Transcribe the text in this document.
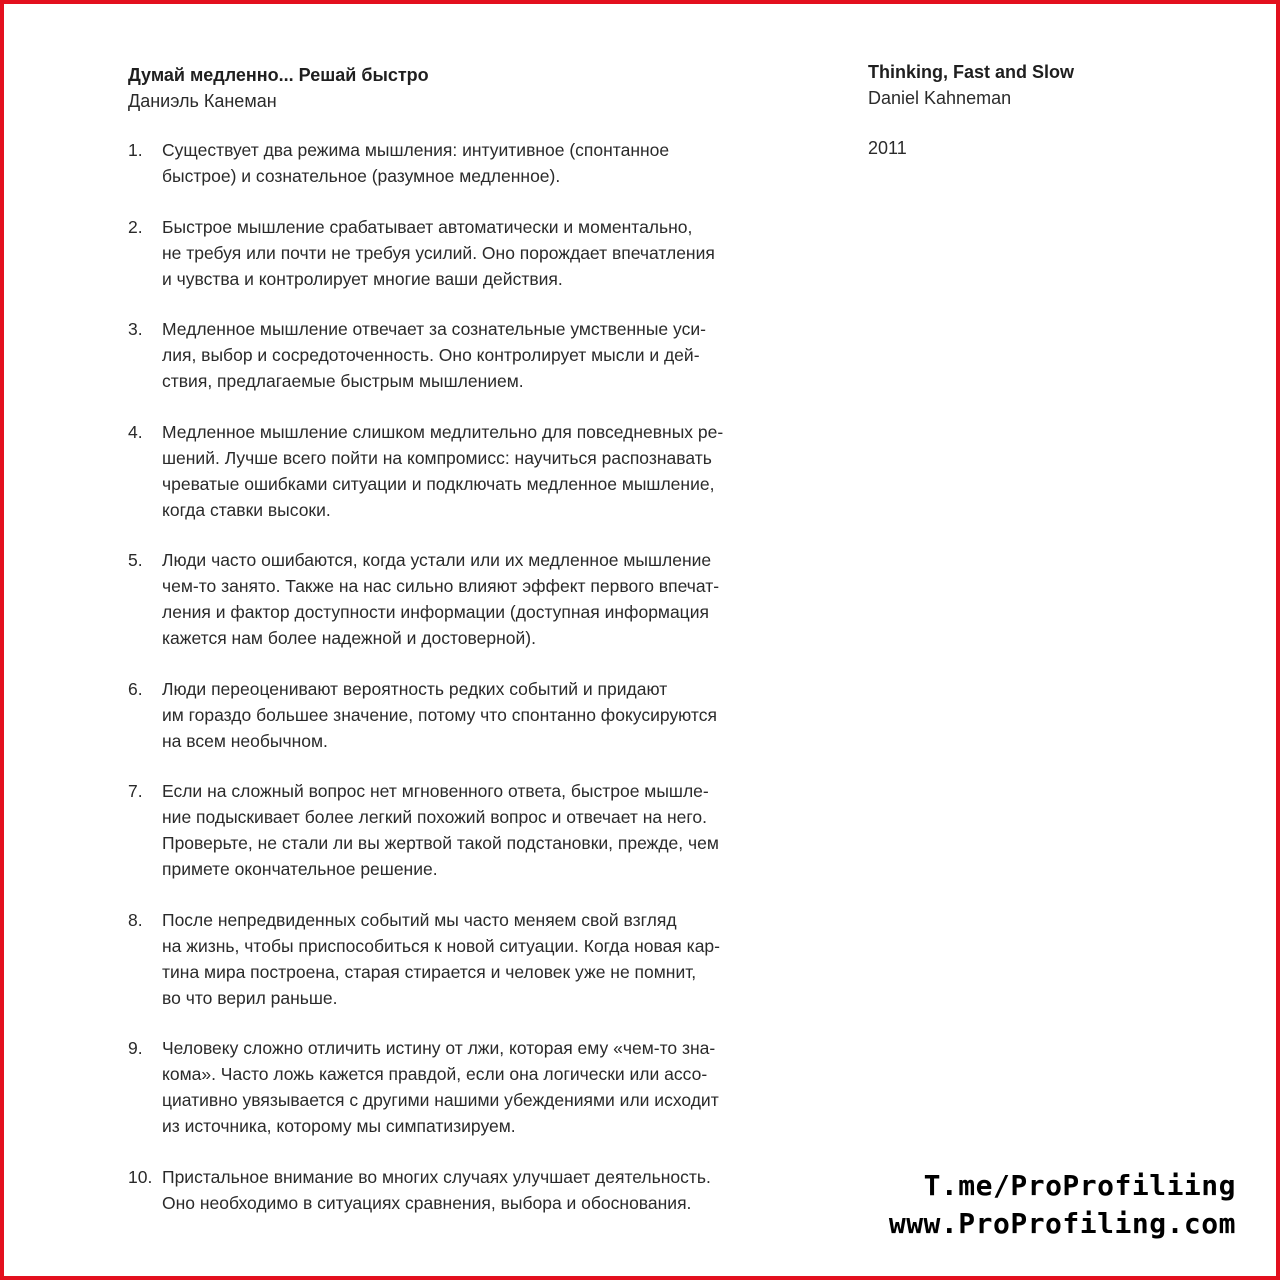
Думай медленно... Решай быстро
Даниэль Канеман
Thinking, Fast and Slow
Daniel Kahneman
2011
1.	Существует два режима мышления: интуитивное (спонтанное
быстрое) и сознательное (разумное медленное).
2.	Быстрое мышление срабатывает автоматически и моментально,
не требуя или почти не требуя усилий. Оно порождает впечатления
и чувства и контролирует многие ваши действия.
3.	Медленное мышление отвечает за сознательные умственные уси-
лия, выбор и сосредоточенность. Оно контролирует мысли и дей-
ствия, предлагаемые быстрым мышлением.
4.	Медленное мышление слишком медлительно для повседневных ре-
шений. Лучше всего пойти на компромисс: научиться распознавать
чреватые ошибками ситуации и подключать медленное мышление,
когда ставки высоки.
5.	Люди часто ошибаются, когда устали или их медленное мышление
чем-то занято. Также на нас сильно влияют эффект первого впечат-
ления и фактор доступности информации (доступная информация
кажется нам более надежной и достоверной).
6.	Люди переоценивают вероятность редких событий и придают
им гораздо большее значение, потому что спонтанно фокусируются
на всем необычном.
7.	Если на сложный вопрос нет мгновенного ответа, быстрое мышле-
ние подыскивает более легкий похожий вопрос и отвечает на него.
Проверьте, не стали ли вы жертвой такой подстановки, прежде, чем
примете окончательное решение.
8.	После непредвиденных событий мы часто меняем свой взгляд
на жизнь, чтобы приспособиться к новой ситуации. Когда новая кар-
тина мира построена, старая стирается и человек уже не помнит,
во что верил раньше.
9.	Человеку сложно отличить истину от лжи, которая ему «чем-то зна-
кома». Часто ложь кажется правдой, если она логически или ассо-
циативно увязывается с другими нашими убеждениями или исходит
из источника, которому мы симпатизируем.
10. Пристальное внимание во многих случаях улучшает деятельность.
Оно необходимо в ситуациях сравнения, выбора и обоснования.
T.me/ProProfiliing
www.ProProfiling.com
